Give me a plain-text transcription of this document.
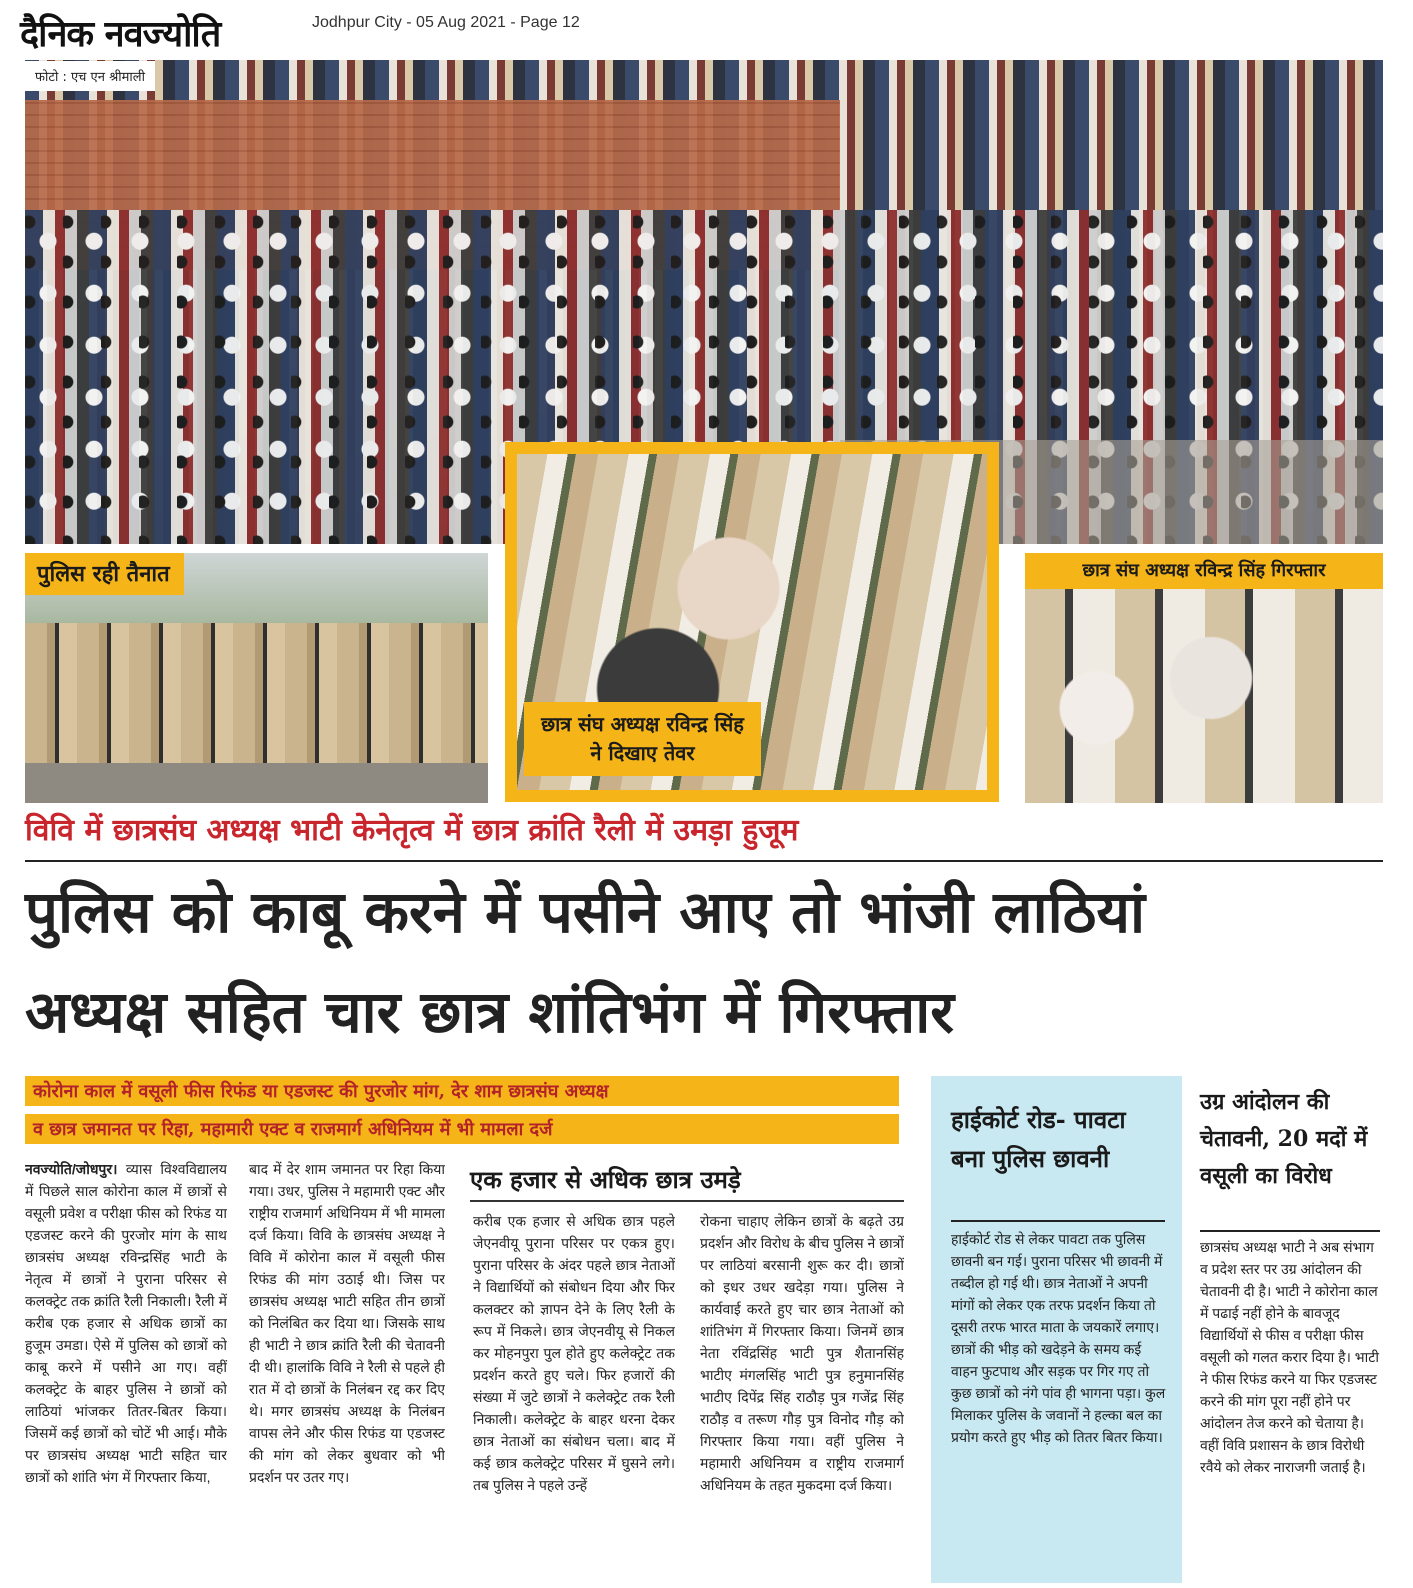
दैनिक नवज्योति	Jodhpur City - 05 Aug 2021 - Page 12
फोटो : एच एन श्रीमाली
पुलिस रही तैनात
छात्र संघ अध्यक्ष रविन्द्र सिंह ने दिखाए तेवर
छात्र संघ अध्यक्ष रविन्द्र सिंह गिरफ्तार
विवि में छात्रसंघ अध्यक्ष भाटी केनेतृत्व में छात्र क्रांति रैली में उमड़ा हुजूम
पुलिस को काबू करने में पसीने आए तो भांजी लाठियां
अध्यक्ष सहित चार छात्र शांतिभंग में गिरफ्तार
कोरोना काल में वसूली फीस रिफंड या एडजस्ट की पुरजोर मांग, देर शाम छात्रसंघ अध्यक्ष
व छात्र जमानत पर रिहा, महामारी एक्ट व राजमार्ग अधिनियम में भी मामला दर्ज
नवज्योति/जोधपुर। व्यास विश्वविद्यालय में पिछले साल कोरोना काल में छात्रों से वसूली प्रवेश व परीक्षा फीस को रिफंड या एडजस्ट करने की पुरजोर मांग के साथ छात्रसंघ अध्यक्ष रविन्द्रसिंह भाटी के नेतृत्व में छात्रों ने पुराना परिसर से कलक्ट्रेट तक क्रांति रैली निकाली। रैली में करीब एक हजार से अधिक छात्रों का हुजूम उमडा। ऐसे में पुलिस को छात्रों को काबू करने में पसीने आ गए। वहीं कलक्ट्रेट के बाहर पुलिस ने छात्रों को लाठियां भांजकर तितर-बितर किया। जिसमें कई छात्रों को चोटें भी आई। मौके पर छात्रसंघ अध्यक्ष भाटी सहित चार छात्रों को शांति भंग में गिरफ्तार किया,
बाद में देर शाम जमानत पर रिहा किया गया। उधर, पुलिस ने महामारी एक्ट और राष्ट्रीय राजमार्ग अधिनियम में भी मामला दर्ज किया। विवि के छात्रसंघ अध्यक्ष ने विवि में कोरोना काल में वसूली फीस रिफंड की मांग उठाई थी। जिस पर छात्रसंघ अध्यक्ष भाटी सहित तीन छात्रों को निलंबित कर दिया था। जिसके साथ ही भाटी ने छात्र क्रांति रैली की चेतावनी दी थी। हालांकि विवि ने रैली से पहले ही रात में दो छात्रों के निलंबन रद्द कर दिए थे। मगर छात्रसंघ अध्यक्ष के निलंबन वापस लेने और फीस रिफंड या एडजस्ट की मांग को लेकर बुधवार को भी प्रदर्शन पर उतर गए।
एक हजार से अधिक छात्र उमड़े
करीब एक हजार से अधिक छात्र पहले जेएनवीयू पुराना परिसर पर एकत्र हुए। पुराना परिसर के अंदर पहले छात्र नेताओं ने विद्यार्थियों को संबोधन दिया और फिर कलक्टर को ज्ञापन देने के लिए रैली के रूप में निकले। छात्र जेएनवीयू से निकल कर मोहनपुरा पुल होते हुए कलेक्ट्रेट तक प्रदर्शन करते हुए चले। फिर हजारों की संख्या में जुटे छात्रों ने कलेक्ट्रेट तक रैली निकाली। कलेक्ट्रेट के बाहर धरना देकर छात्र नेताओं का संबोधन चला। बाद में कई छात्र कलेक्ट्रेट परिसर में घुसने लगे। तब पुलिस ने पहले उन्हें
रोकना चाहाए लेकिन छात्रों के बढ़ते उग्र प्रदर्शन और विरोध के बीच पुलिस ने छात्रों पर लाठियां बरसानी शुरू कर दी। छात्रों को इधर उधर खदेड़ा गया। पुलिस ने कार्यवाई करते हुए चार छात्र नेताओं को शांतिभंग में गिरफ्तार किया। जिनमें छात्र नेता रविंद्रसिंह भाटी पुत्र शैतानसिंह भाटीए मंगलसिंह भाटी पुत्र हनुमानसिंह भाटीए दिपेंद्र सिंह राठौड़ पुत्र गजेंद्र सिंह राठौड़ व तरूण गौड़ पुत्र विनोद गौड़ को गिरफ्तार किया गया। वहीं पुलिस ने महामारी अधिनियम व राष्ट्रीय राजमार्ग अधिनियम के तहत मुकदमा दर्ज किया।
हाईकोर्ट रोड- पावटा बना पुलिस छावनी
हाईकोर्ट रोड से लेकर पावटा तक पुलिस छावनी बन गई। पुराना परिसर भी छावनी में तब्दील हो गई थी। छात्र नेताओं ने अपनी मांगों को लेकर एक तरफ प्रदर्शन किया तो दूसरी तरफ भारत माता के जयकारें लगाए। छात्रों की भीड़ को खदेड़ने के समय कई वाहन फुटपाथ और सड़क पर गिर गए तो कुछ छात्रों को नंगे पांव ही भागना पड़ा। कुल मिलाकर पुलिस के जवानों ने हल्का बल का प्रयोग करते हुए भीड़ को तितर बितर किया।
उग्र आंदोलन की चेतावनी, 20 मदों में वसूली का विरोध
छात्रसंघ अध्यक्ष भाटी ने अब संभाग व प्रदेश स्तर पर उग्र आंदोलन की चेतावनी दी है। भाटी ने कोरोना काल में पढाई नहीं होने के बावजूद विद्यार्थियों से फीस व परीक्षा फीस वसूली को गलत करार दिया है। भाटी ने फीस रिफंड करने या फिर एडजस्ट करने की मांग पूरा नहीं होने पर आंदोलन तेज करने को चेताया है। वहीं विवि प्रशासन के छात्र विरोधी रवैये को लेकर नाराजगी जताई है।
